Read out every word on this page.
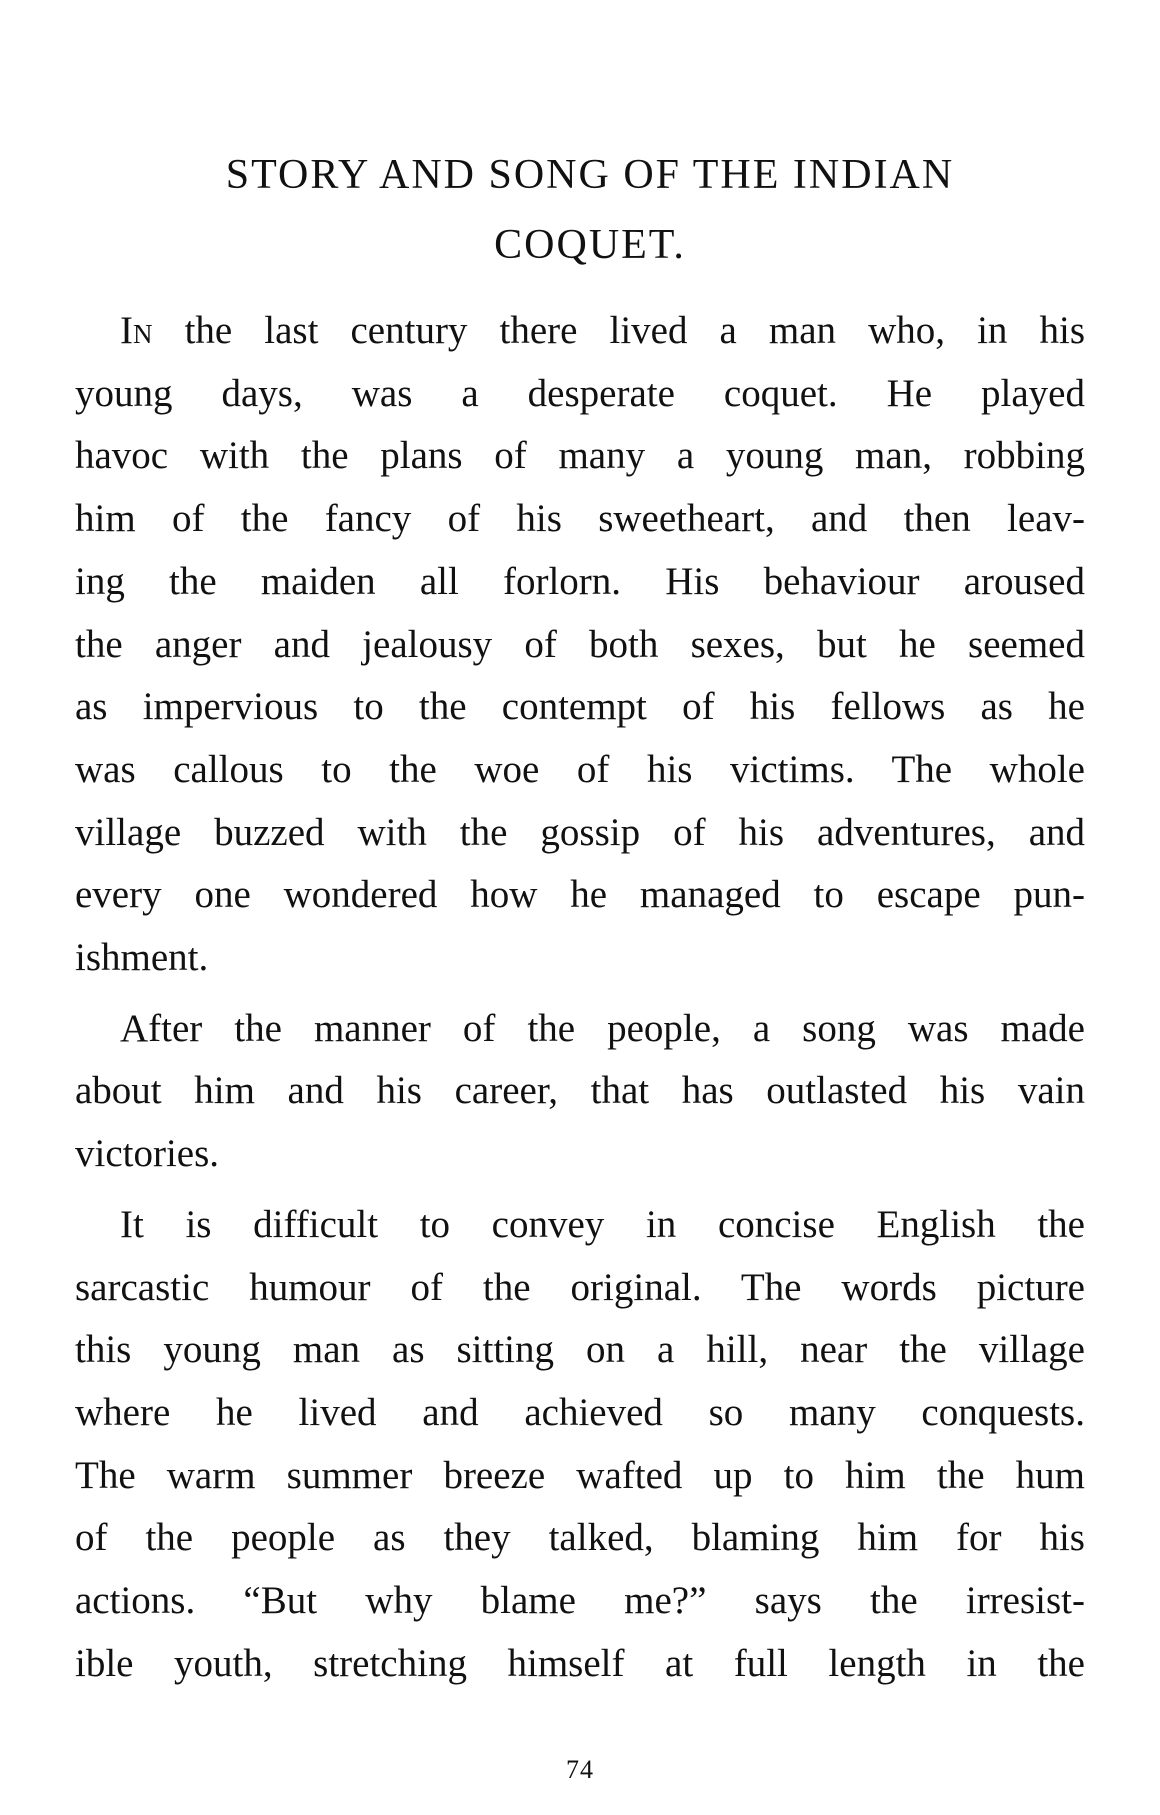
STORY AND SONG OF THE INDIAN
COQUET.

In the last century there lived a man who, in his
young days, was a desperate coquet. He played
havoc with the plans of many a young man, robbing
him of the fancy of his sweetheart, and then leav-
ing the maiden all forlorn. His behaviour aroused
the anger and jealousy of both sexes, but he seemed
as impervious to the contempt of his fellows as he
was callous to the woe of his victims. The whole
village buzzed with the gossip of his adventures, and
every one wondered how he managed to escape pun-
ishment.

After the manner of the people, a song was made
about him and his career, that has outlasted his vain
victories.

It is difficult to convey in concise English the
sarcastic humour of the original. The words picture
this young man as sitting on a hill, near the village
where he lived and achieved so many conquests.
The warm summer breeze wafted up to him the hum
of the people as they talked, blaming him for his
actions. “But why blame me?” says the irresist-
ible youth, stretching himself at full length in the

74
